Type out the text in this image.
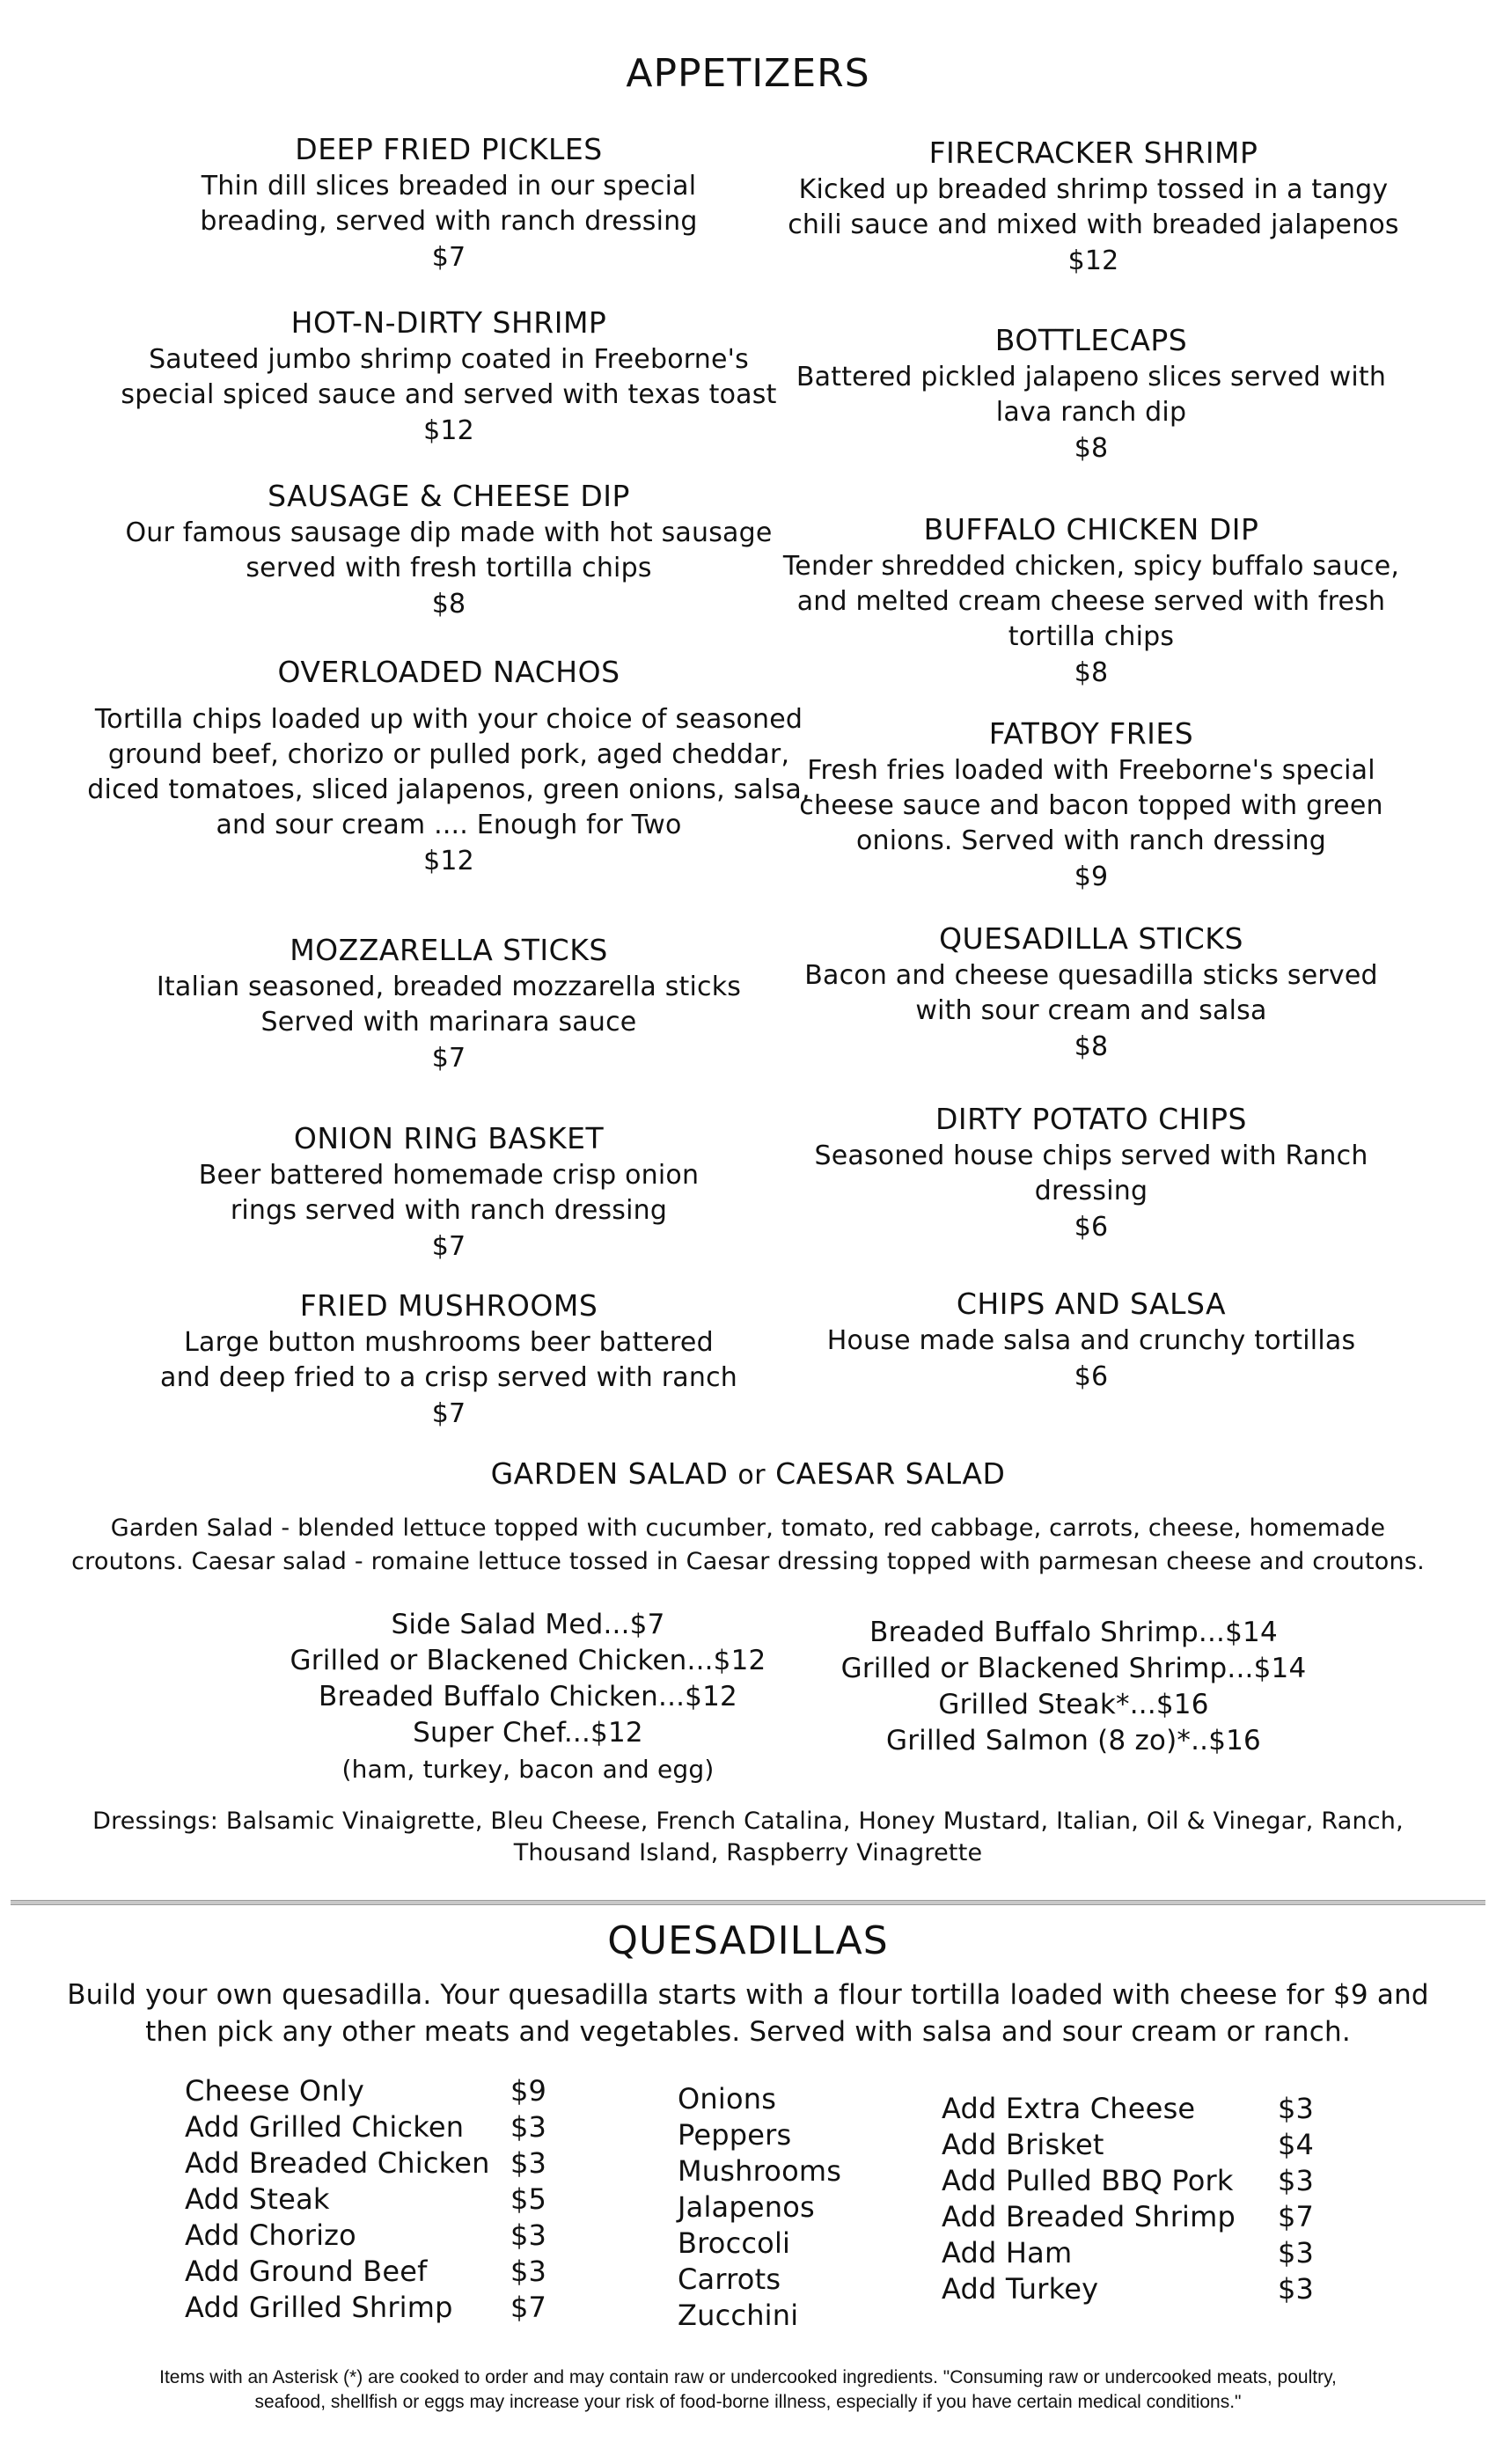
APPETIZERS
DEEP FRIED PICKLES

Thin dill slices breaded in our special

breading, served with ranch dressing

$7
HOT-N-DIRTY SHRIMP

Sauteed jumbo shrimp coated in Freeborne's

special spiced sauce and served with texas toast

$12
SAUSAGE & CHEESE DIP

Our famous sausage dip made with hot sausage

served with fresh tortilla chips

$8
OVERLOADED NACHOS

Tortilla chips loaded up with your choice of seasoned

ground beef, chorizo or pulled pork, aged cheddar,

diced tomatoes, sliced jalapenos, green onions, salsa,

and sour cream .... Enough for Two

$12
MOZZARELLA STICKS

Italian seasoned, breaded mozzarella sticks

Served with marinara sauce

$7
ONION RING BASKET

Beer battered homemade crisp onion

rings served with ranch dressing

$7
FRIED MUSHROOMS

Large button mushrooms beer battered

and deep fried to a crisp served with ranch

$7
FIRECRACKER SHRIMP

Kicked up breaded shrimp tossed in a tangy

chili sauce and mixed with breaded jalapenos

$12
BOTTLECAPS

Battered pickled jalapeno slices served with

lava ranch dip

$8
BUFFALO CHICKEN DIP

Tender shredded chicken, spicy buffalo sauce,

and melted cream cheese served with fresh

tortilla chips

$8
FATBOY FRIES

Fresh fries loaded with Freeborne's special

cheese sauce and bacon topped with green

onions. Served with ranch dressing

$9
QUESADILLA STICKS

Bacon and cheese quesadilla sticks served

with sour cream and salsa

$8
DIRTY POTATO CHIPS

Seasoned house chips served with Ranch

dressing

$6
CHIPS AND SALSA

House made salsa and crunchy tortillas

$6
GARDEN SALAD or CAESAR SALAD
Garden Salad - blended lettuce topped with cucumber, tomato, red cabbage, carrots, cheese, homemade
croutons. Caesar salad - romaine lettuce tossed in Caesar dressing topped with parmesan cheese and croutons.
Side Salad Med...$7
Grilled or Blackened Chicken...$12
Breaded Buffalo Chicken...$12
Super Chef...$12
(ham, turkey, bacon and egg)
Breaded Buffalo Shrimp...$14
Grilled or Blackened Shrimp...$14
Grilled Steak*...$16
Grilled Salmon (8 zo)*..$16
Dressings: Balsamic Vinaigrette, Bleu Cheese, French Catalina, Honey Mustard, Italian, Oil & Vinegar, Ranch,
Thousand Island, Raspberry Vinagrette
QUESADILLAS
Build your own quesadilla. Your quesadilla starts with a flour tortilla loaded with cheese for $9 and
then pick any other meats and vegetables. Served with salsa and sour cream or ranch.
Cheese Only	$9
Add Grilled Chicken	$3
Add Breaded Chicken $3
Add Steak	$5
Add Chorizo	$3
Add Ground Beef	$3
Add Grilled Shrimp	$7
Onions
Peppers
Mushrooms
Jalapenos
Broccoli
Carrots
Zucchini
Add Extra Cheese	$3
Add Brisket	$4
Add Pulled BBQ Pork	$3
Add Breaded Shrimp	$7
Add Ham	$3
Add Turkey	$3
Items with an Asterisk (*) are cooked to order and may contain raw or undercooked ingredients. "Consuming raw or undercooked meats, poultry,
seafood, shellfish or eggs may increase your risk of food-borne illness, especially if you have certain medical conditions."
